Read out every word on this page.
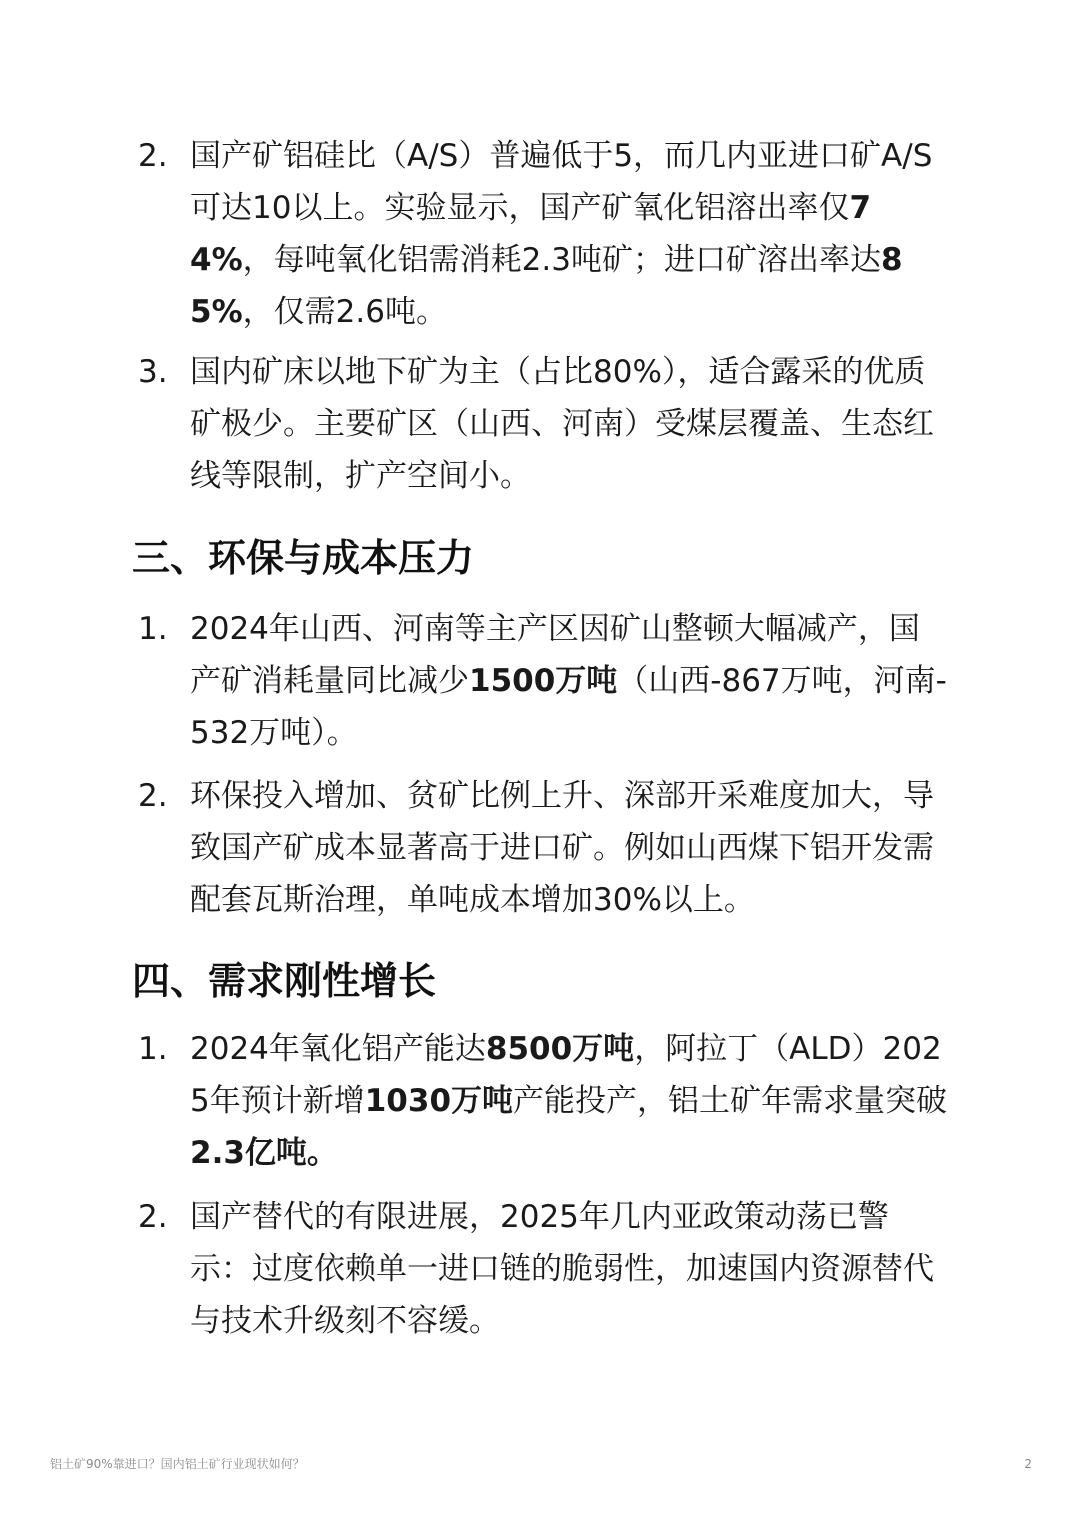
2. 国产矿铝硅比（A/S）普遍低于5，而几内亚进口矿A/S可达10以上。实验显示，国产矿氧化铝溶出率仅74%，每吨氧化铝需消耗2.3吨矿；进口矿溶出率达85%，仅需2.6吨。
3. 国内矿床以地下矿为主（占比80%），适合露采的优质矿极少。主要矿区（山西、河南）受煤层覆盖、生态红线等限制，扩产空间小。
三、环保与成本压力
1. 2024年山西、河南等主产区因矿山整顿大幅减产，国产矿消耗量同比减少1500万吨（山西-867万吨，河南-532万吨）。
2. 环保投入增加、贫矿比例上升、深部开采难度加大，导致国产矿成本显著高于进口矿。例如山西煤下铝开发需配套瓦斯治理，单吨成本增加30%以上。
四、需求刚性增长
1. 2024年氧化铝产能达8500万吨，阿拉丁（ALD）2025年预计新增1030万吨产能投产，铝土矿年需求量突破2.3亿吨。
2. 国产替代的有限进展，2025年几内亚政策动荡已警示：过度依赖单一进口链的脆弱性，加速国内资源替代与技术升级刻不容缓。
铝土矿90%靠进口？国内铝土矿行业现状如何？	2
